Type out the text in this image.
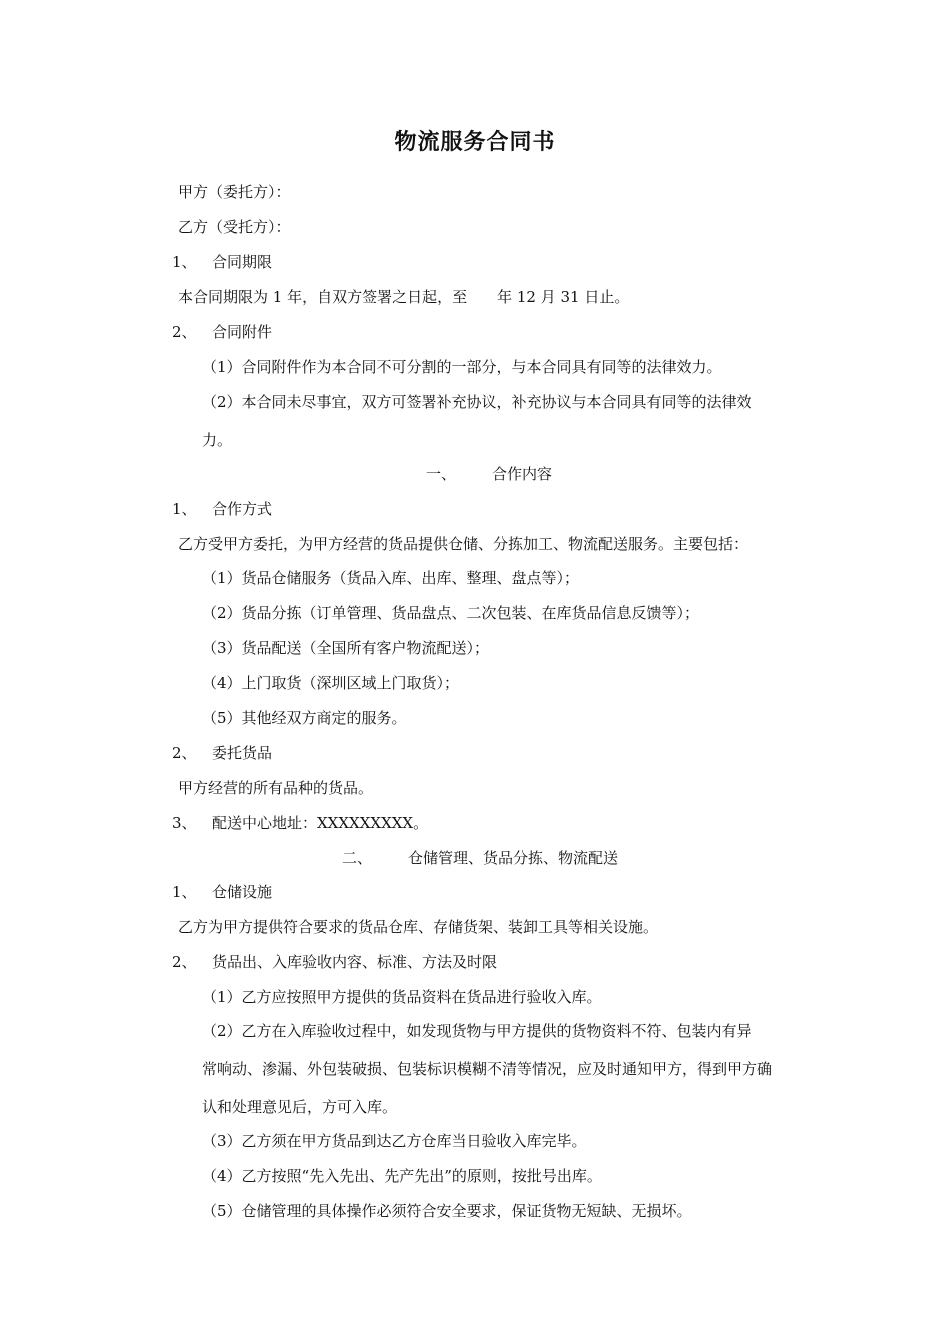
物流服务合同书
甲方（委托方）：
乙方（受托方）：
1、 合同期限
本合同期限为 1 年，自双方签署之日起，至 年 12 月 31 日止。
2、 合同附件
（1）合同附件作为本合同不可分割的一部分，与本合同具有同等的法律效力。
（2）本合同未尽事宜，双方可签署补充协议，补充协议与本合同具有同等的法律效
力。
一、 合作内容
1、 合作方式
乙方受甲方委托，为甲方经营的货品提供仓储、分拣加工、物流配送服务。主要包括：
（1）货品仓储服务（货品入库、出库、整理、盘点等）；
（2）货品分拣（订单管理、货品盘点、二次包装、在库货品信息反馈等）；
（3）货品配送（全国所有客户物流配送）；
（4）上门取货（深圳区域上门取货）；
（5）其他经双方商定的服务。
2、 委托货品
甲方经营的所有品种的货品。
3、 配送中心地址：XXXXXXXXX。
二、 仓储管理、货品分拣、物流配送
1、 仓储设施
乙方为甲方提供符合要求的货品仓库、存储货架、装卸工具等相关设施。
2、 货品出、入库验收内容、标准、方法及时限
（1）乙方应按照甲方提供的货品资料在货品进行验收入库。
（2）乙方在入库验收过程中，如发现货物与甲方提供的货物资料不符、包装内有异
常响动、渗漏、外包装破损、包装标识模糊不清等情况，应及时通知甲方，得到甲方确
认和处理意见后，方可入库。
（3）乙方须在甲方货品到达乙方仓库当日验收入库完毕。
（4）乙方按照“先入先出、先产先出”的原则，按批号出库。
（5）仓储管理的具体操作必须符合安全要求，保证货物无短缺、无损坏。
